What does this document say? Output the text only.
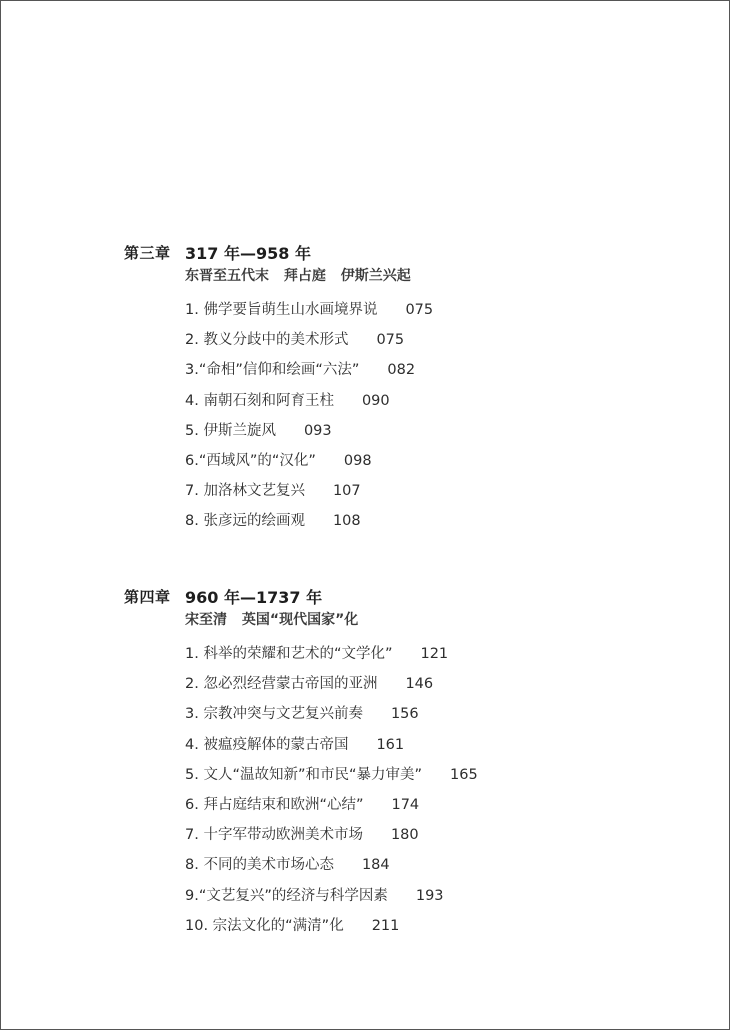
第三章 317 年—958 年
东晋至五代末 拜占庭 伊斯兰兴起
1. 佛学要旨萌生山水画境界说 075
2. 教义分歧中的美术形式 075
3.“命相”信仰和绘画“六法” 082
4. 南朝石刻和阿育王柱 090
5. 伊斯兰旋风 093
6.“西域风”的“汉化” 098
7. 加洛林文艺复兴 107
8. 张彦远的绘画观 108
第四章 960 年—1737 年
宋至清 英国“现代国家”化
1. 科举的荣耀和艺术的“文学化” 121
2. 忽必烈经营蒙古帝国的亚洲 146
3. 宗教冲突与文艺复兴前奏 156
4. 被瘟疫解体的蒙古帝国 161
5. 文人“温故知新”和市民“暴力审美” 165
6. 拜占庭结束和欧洲“心结” 174
7. 十字军带动欧洲美术市场 180
8. 不同的美术市场心态 184
9.“文艺复兴”的经济与科学因素 193
10. 宗法文化的“满清”化 211
